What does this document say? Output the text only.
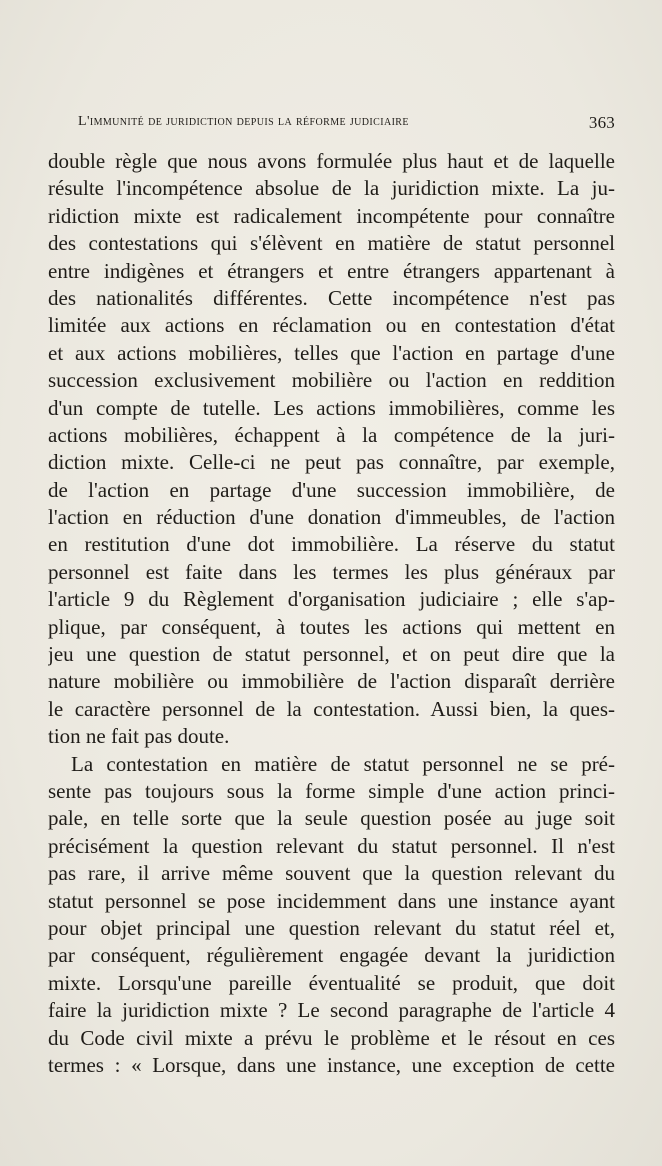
L'immunité de juridiction depuis la réforme judiciaire	363
double règle que nous avons formulée plus haut et de laquelle
résulte l'incompétence absolue de la juridiction mixte. La ju-
ridiction mixte est radicalement incompétente pour connaître
des contestations qui s'élèvent en matière de statut personnel
entre indigènes et étrangers et entre étrangers appartenant à
des nationalités différentes. Cette incompétence n'est pas
limitée aux actions en réclamation ou en contestation d'état
et aux actions mobilières, telles que l'action en partage d'une
succession exclusivement mobilière ou l'action en reddition
d'un compte de tutelle. Les actions immobilières, comme les
actions mobilières, échappent à la compétence de la juri-
diction mixte. Celle-ci ne peut pas connaître, par exemple,
de l'action en partage d'une succession immobilière, de
l'action en réduction d'une donation d'immeubles, de l'action
en restitution d'une dot immobilière. La réserve du statut
personnel est faite dans les termes les plus généraux par
l'article 9 du Règlement d'organisation judiciaire ; elle s'ap-
plique, par conséquent, à toutes les actions qui mettent en
jeu une question de statut personnel, et on peut dire que la
nature mobilière ou immobilière de l'action disparaît derrière
le caractère personnel de la contestation. Aussi bien, la ques-
tion ne fait pas doute.
La contestation en matière de statut personnel ne se pré-
sente pas toujours sous la forme simple d'une action princi-
pale, en telle sorte que la seule question posée au juge soit
précisément la question relevant du statut personnel. Il n'est
pas rare, il arrive même souvent que la question relevant du
statut personnel se pose incidemment dans une instance ayant
pour objet principal une question relevant du statut réel et,
par conséquent, régulièrement engagée devant la juridiction
mixte. Lorsqu'une pareille éventualité se produit, que doit
faire la juridiction mixte ? Le second paragraphe de l'article 4
du Code civil mixte a prévu le problème et le résout en ces
termes : « Lorsque, dans une instance, une exception de cette
